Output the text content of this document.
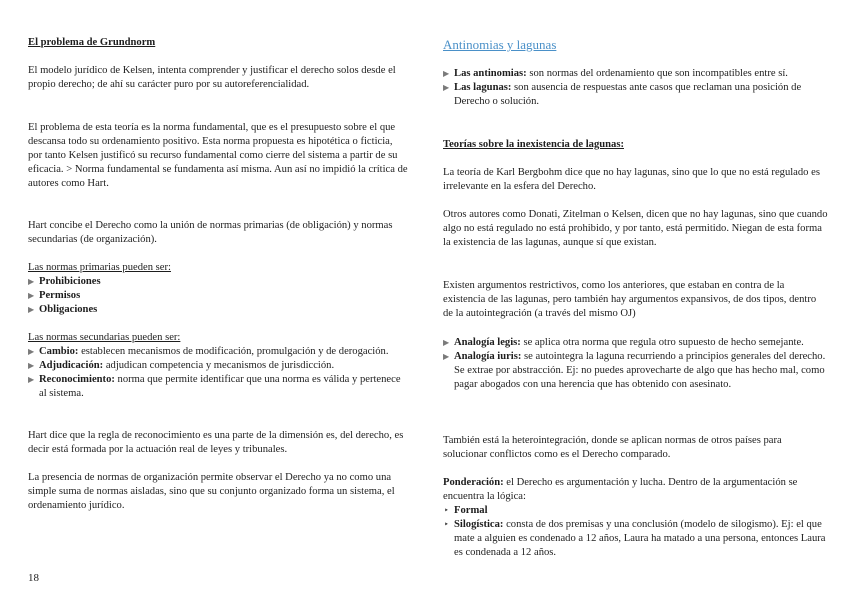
El problema de Grundnorm

El modelo jurídico de Kelsen, intenta comprender y justificar el derecho solos desde el propio derecho; de ahí su carácter puro por su autoreferencialidad.

El problema de esta teoría es la norma fundamental, que es el presupuesto sobre el que descansa todo su ordenamiento positivo. Esta norma propuesta es hipotética o ficticia, por tanto Kelsen justificó su recurso fundamental como cierre del sistema a partir de su eficacia. > Norma fundamental se fundamenta así misma. Aun así no impidió la crítica de autores como Hart.

Hart concibe el Derecho como la unión de normas primarias (de obligación) y normas secundarias (de organización).

Las normas primarias pueden ser:

▶ Prohibiciones
▶ Permisos
▶ Obligaciones

Las normas secundarias pueden ser:

▶ Cambio: establecen mecanismos de modificación, promulgación y de derogación.
▶ Adjudicación: adjudican competencia y mecanismos de jurisdicción.
▶ Reconocimiento: norma que permite identificar que una norma es válida y pertenece al sistema.

Hart dice que la regla de reconocimiento es una parte de la dimensión es, del derecho, es decir está formada por la actuación real de leyes y tribunales.

La presencia de normas de organización permite observar el Derecho ya no como una simple suma de normas aisladas, sino que su conjunto organizado forma un sistema, el ordenamiento jurídico.

18

Antinomias y lagunas

▶ Las antinomias: son normas del ordenamiento que son incompatibles entre sí.
▶ Las lagunas: son ausencia de respuestas ante casos que reclaman una posición de Derecho o solución.

Teorías sobre la inexistencia de lagunas:

La teoría de Karl Bergbohm dice que no hay lagunas, sino que lo que no está regulado es irrelevante en la esfera del Derecho.

Otros autores como Donati, Zitelman o Kelsen, dicen que no hay lagunas, sino que cuando algo no está regulado no está prohibido, y por tanto, está permitido. Niegan de esta forma la existencia de las lagunas, aunque sí que existan.

Existen argumentos restrictivos, como los anteriores, que estaban en contra de la existencia de las lagunas, pero también hay argumentos expansivos, de dos tipos, dentro de la autointegración (a través del mismo OJ)

▶ Analogía legis: se aplica otra norma que regula otro supuesto de hecho semejante.
▶ Analogía iuris: se autointegra la laguna recurriendo a principios generales del derecho. Se extrae por abstracción. Ej: no puedes aprovecharte de algo que has hecho mal, como pagar abogados con una herencia que has obtenido con asesinato.

También está la heterointegración, donde se aplican normas de otros países para solucionar conflictos como es el Derecho comparado.

Ponderación: el Derecho es argumentación y lucha. Dentro de la argumentación se encuentra la lógica:

‣ Formal
‣ Silogística: consta de dos premisas y una conclusión (modelo de silogismo). Ej: el que mate a alguien es condenado a 12 años, Laura ha matado a una persona, entonces Laura es condenada a 12 años.
